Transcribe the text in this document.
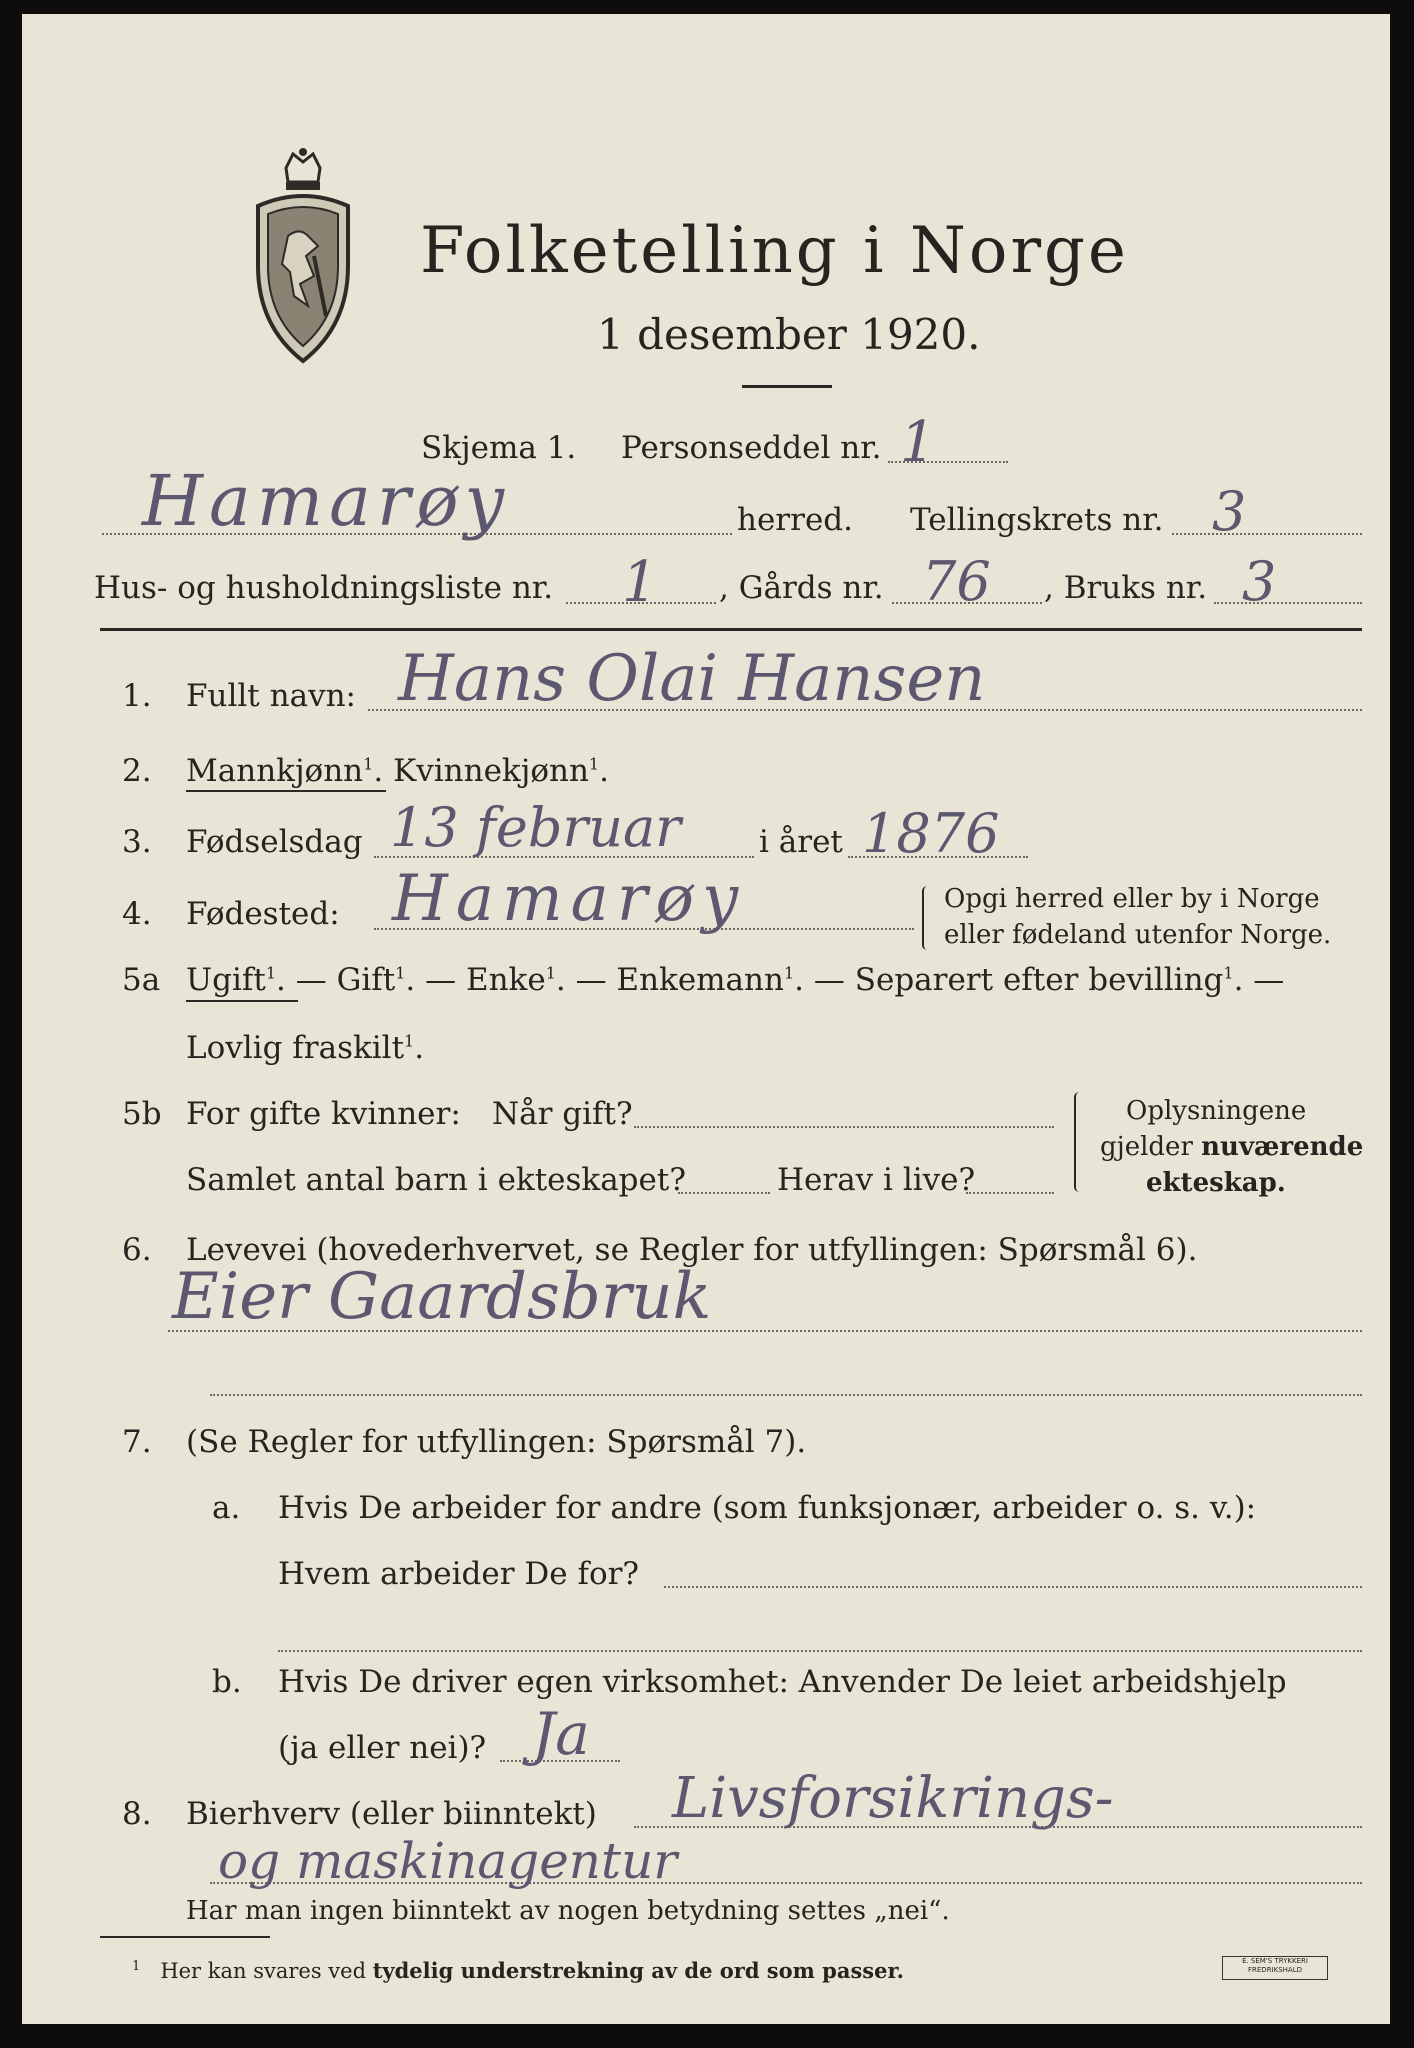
Folketelling i Norge
1 desember 1920.
Skjema 1. Personseddel nr. 1
Hamarøy	herred. Tellingskrets nr. 3
Hus- og husholdningsliste nr. 1 , Gårds nr. 76 , Bruks nr. 3
1. Fullt navn: Hans Olai Hansen
2. Mannkjønn$^1$. Kvinnekjønn$^1$.
3. Fødselsdag 13 februar	i året 1876
4. Fødested: Hamarøy	Opgi herred eller by i Norge
eller fødeland utenfor Norge.
5a Ugift$^1$. — Gift$^1$. — Enke$^1$. — Enkemann$^1$. — Separert efter bevilling$^1$. —
Lovlig fraskilt$^1$.
5b For gifte kvinner: Når gift?
Samlet antal barn i ekteskapet?	Herav i live?
Oplysningene
gjelder nuværende
ekteskap.
6. Levevei (hovederhvervet, se Regler for utfyllingen: Spørsmål 6).
Eier Gaardsbruk
7. (Se Regler for utfyllingen: Spørsmål 7).
a. Hvis De arbeider for andre (som funksjonær, arbeider o. s. v.):
Hvem arbeider De for?
b. Hvis De driver egen virksomhet: Anvender De leiet arbeidshjelp
(ja eller nei)? Ja
8. Bierhverv (eller biinntekt) Livsforsikrings-
og maskinagentur
Har man ingen biinntekt av nogen betydning settes „nei“.
$^1$ Her kan svares ved tydelig understrekning av de ord som passer.	E. SEM'S TRYKKERI
FREDRIKSHALD
